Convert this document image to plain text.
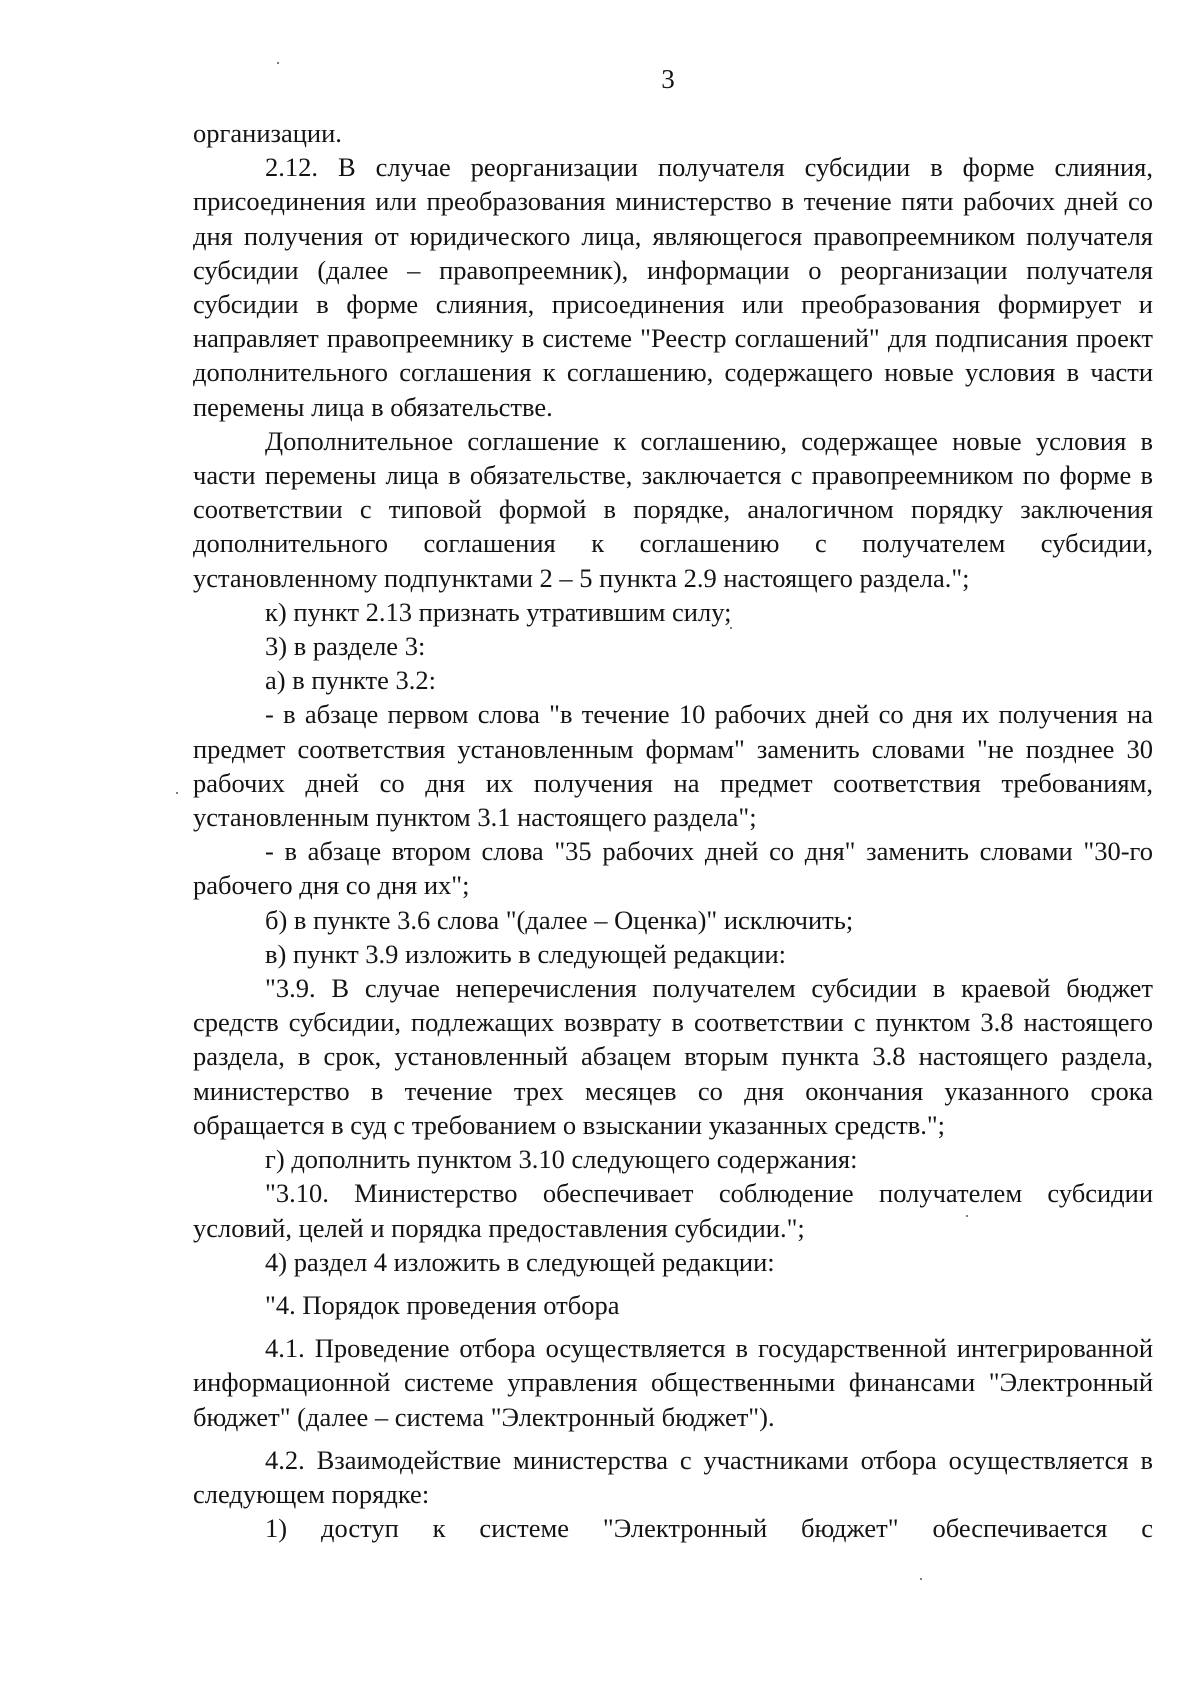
3

организации.

2.12. В случае реорганизации получателя субсидии в форме слияния, присоединения или преобразования министерство в течение пяти рабочих дней со дня получения от юридического лица, являющегося правопреемником получателя субсидии (далее – правопреемник), информации о реорганизации получателя субсидии в форме слияния, присоединения или преобразования формирует и направляет правопреемнику в системе "Реестр соглашений" для подписания проект дополнительного соглашения к соглашению, содержащего новые условия в части перемены лица в обязательстве.

Дополнительное соглашение к соглашению, содержащее новые условия в части перемены лица в обязательстве, заключается с правопреемником по форме в соответствии с типовой формой в порядке, аналогичном порядку заключения дополнительного соглашения к соглашению с получателем субсидии, установленному подпунктами 2 – 5 пункта 2.9 настоящего раздела.";

к) пункт 2.13 признать утратившим силу;

3) в разделе 3:

а) в пункте 3.2:

- в абзаце первом слова "в течение 10 рабочих дней со дня их получения на предмет соответствия установленным формам" заменить словами "не позднее 30 рабочих дней со дня их получения на предмет соответствия требованиям, установленным пунктом 3.1 настоящего раздела";

- в абзаце втором слова "35 рабочих дней со дня" заменить словами "30-го рабочего дня со дня их";

б) в пункте 3.6 слова "(далее – Оценка)" исключить;

в) пункт 3.9 изложить в следующей редакции:

"3.9. В случае неперечисления получателем субсидии в краевой бюджет средств субсидии, подлежащих возврату в соответствии с пунктом 3.8 настоящего раздела, в срок, установленный абзацем вторым пункта 3.8 настоящего раздела, министерство в течение трех месяцев со дня окончания указанного срока обращается в суд с требованием о взыскании указанных средств.";

г) дополнить пунктом 3.10 следующего содержания:

"3.10. Министерство обеспечивает соблюдение получателем субсидии условий, целей и порядка предоставления субсидии.";

4) раздел 4 изложить в следующей редакции:

"4. Порядок проведения отбора

4.1. Проведение отбора осуществляется в государственной интегрированной информационной системе управления общественными финансами "Электронный бюджет" (далее – система "Электронный бюджет").

4.2. Взаимодействие министерства с участниками отбора осуществляется в следующем порядке:

1) доступ к системе "Электронный бюджет" обеспечивается с
